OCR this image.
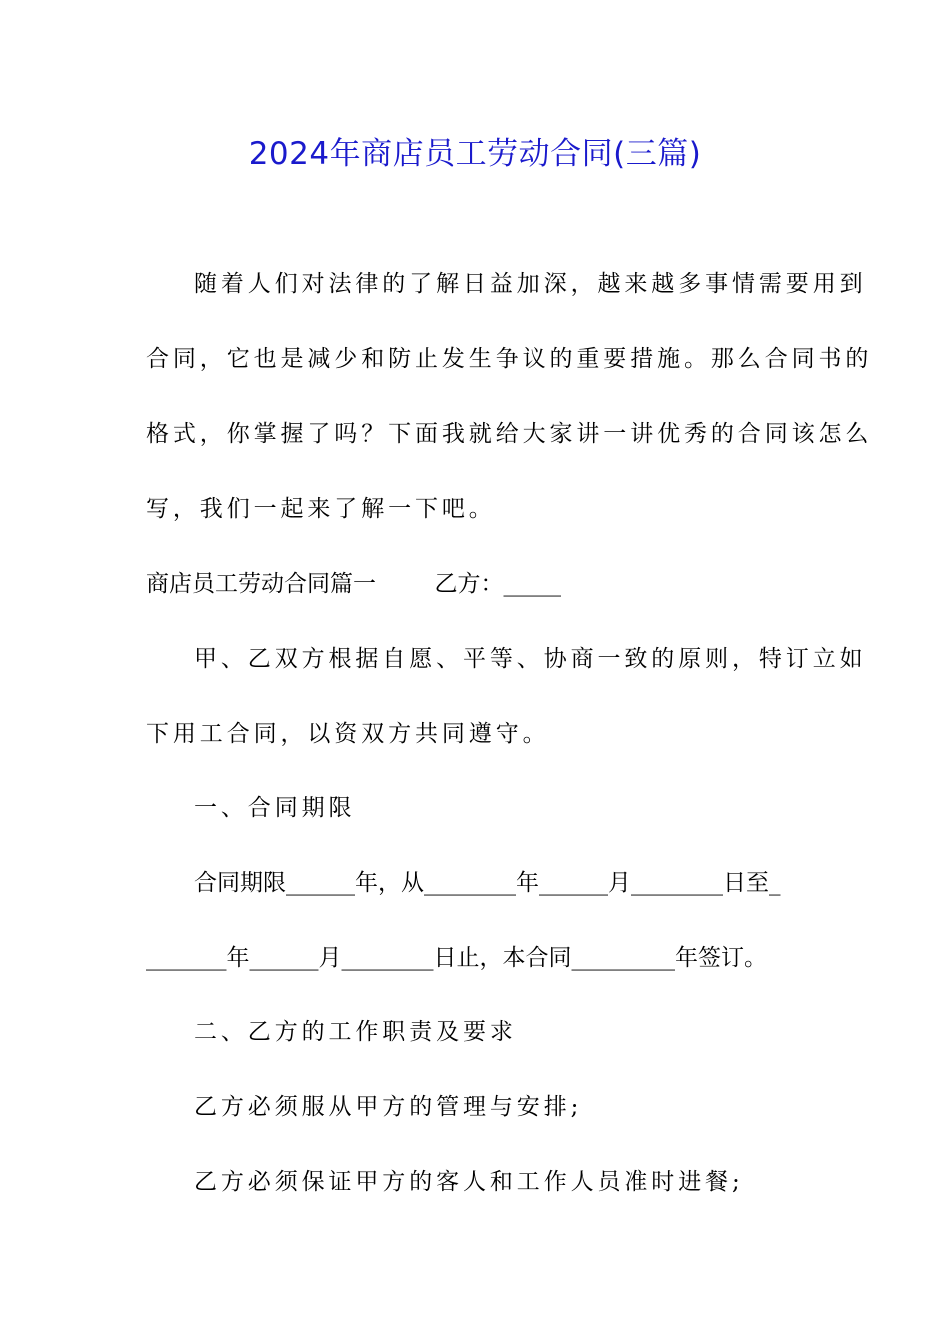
2024年商店员工劳动合同(三篇)
随着人们对法律的了解日益加深，越来越多事情需要用到
合同，它也是减少和防止发生争议的重要措施。那么合同书的
格式，你掌握了吗？下面我就给大家讲一讲优秀的合同该怎么
写，我们一起来了解一下吧。
商店员工劳动合同篇一        乙方：_____
甲、乙双方根据自愿、平等、协商一致的原则，特订立如
下用工合同，以资双方共同遵守。
一、合同期限
合同期限______年，从________年______月________日至_
_______年______月________日止，本合同_________年签订。
二、乙方的工作职责及要求
乙方必须服从甲方的管理与安排;
乙方必须保证甲方的客人和工作人员准时进餐;
